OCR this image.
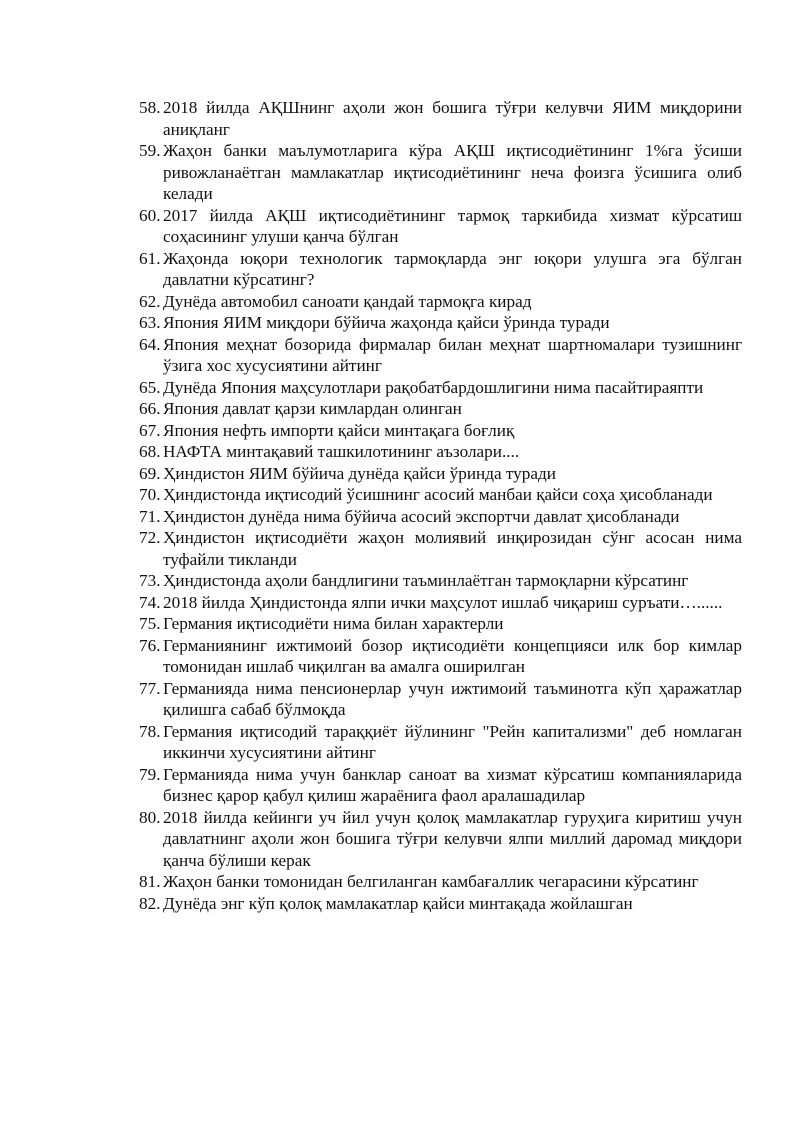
58. 2018 йилда АҚШнинг аҳоли жон бошига тўғри келувчи ЯИМ миқдорини аниқланг
59. Жаҳон банки маълумотларига кўра АҚШ иқтисодиётининг 1%га ўсиши ривожланаётган мамлакатлар иқтисодиётининг неча фоизга ўсишига олиб келади
60. 2017 йилда АҚШ иқтисодиётининг тармоқ таркибида хизмат кўрсатиш соҳасининг улуши қанча бўлган
61. Жаҳонда юқори технологик тармоқларда энг юқори улушга эга бўлган давлатни кўрсатинг?
62. Дунёда автомобил саноати қандай тармоқга кирад
63. Япония ЯИМ миқдори бўйича жаҳонда қайси ўринда туради
64. Япония меҳнат бозорида фирмалар билан меҳнат шартномалари тузишнинг ўзига хос хусусиятини айтинг
65. Дунёда Япония маҳсулотлари рақобатбардошлигини нима пасайтираяпти
66. Япония давлат қарзи кимлардан олинган
67. Япония нефть импорти қайси минтақага боғлиқ
68. НАФТА минтақавий ташкилотининг аъзолари....
69. Ҳиндистон ЯИМ бўйича дунёда қайси ўринда туради
70. Ҳиндистонда иқтисодий ўсишнинг асосий манбаи қайси соҳа ҳисобланади
71. Ҳиндистон дунёда нима бўйича асосий экспортчи давлат ҳисобланади
72. Ҳиндистон иқтисодиёти жаҳон молиявий инқирозидан сўнг асосан нима туфайли тикланди
73. Ҳиндистонда аҳоли бандлигини таъминлаётган тармоқларни кўрсатинг
74. 2018 йилда Ҳиндистонда ялпи ички маҳсулот ишлаб чиқариш суръати…......
75. Германия иқтисодиёти нима билан характерли
76. Германиянинг ижтимоий бозор иқтисодиёти концепцияси илк бор кимлар томонидан ишлаб чиқилган ва амалга оширилган
77. Германияда нима пенсионерлар учун ижтимоий таъминотга кўп ҳаражатлар қилишга сабаб бўлмоқда
78. Германия иқтисодий тараққиёт йўлининг "Рейн капитализми" деб номлаган иккинчи хусусиятини айтинг
79. Германияда нима учун банклар саноат ва хизмат кўрсатиш компанияларида бизнес қарор қабул қилиш жараёнига фаол аралашадилар
80. 2018 йилда кейинги уч йил учун қолоқ мамлакатлар гуруҳига киритиш учун давлатнинг аҳоли жон бошига тўғри келувчи ялпи миллий даромад миқдори қанча бўлиши керак
81. Жаҳон банки томонидан белгиланган камбағаллик чегарасини кўрсатинг
82. Дунёда энг кўп қолоқ мамлакатлар қайси минтақада жойлашган
